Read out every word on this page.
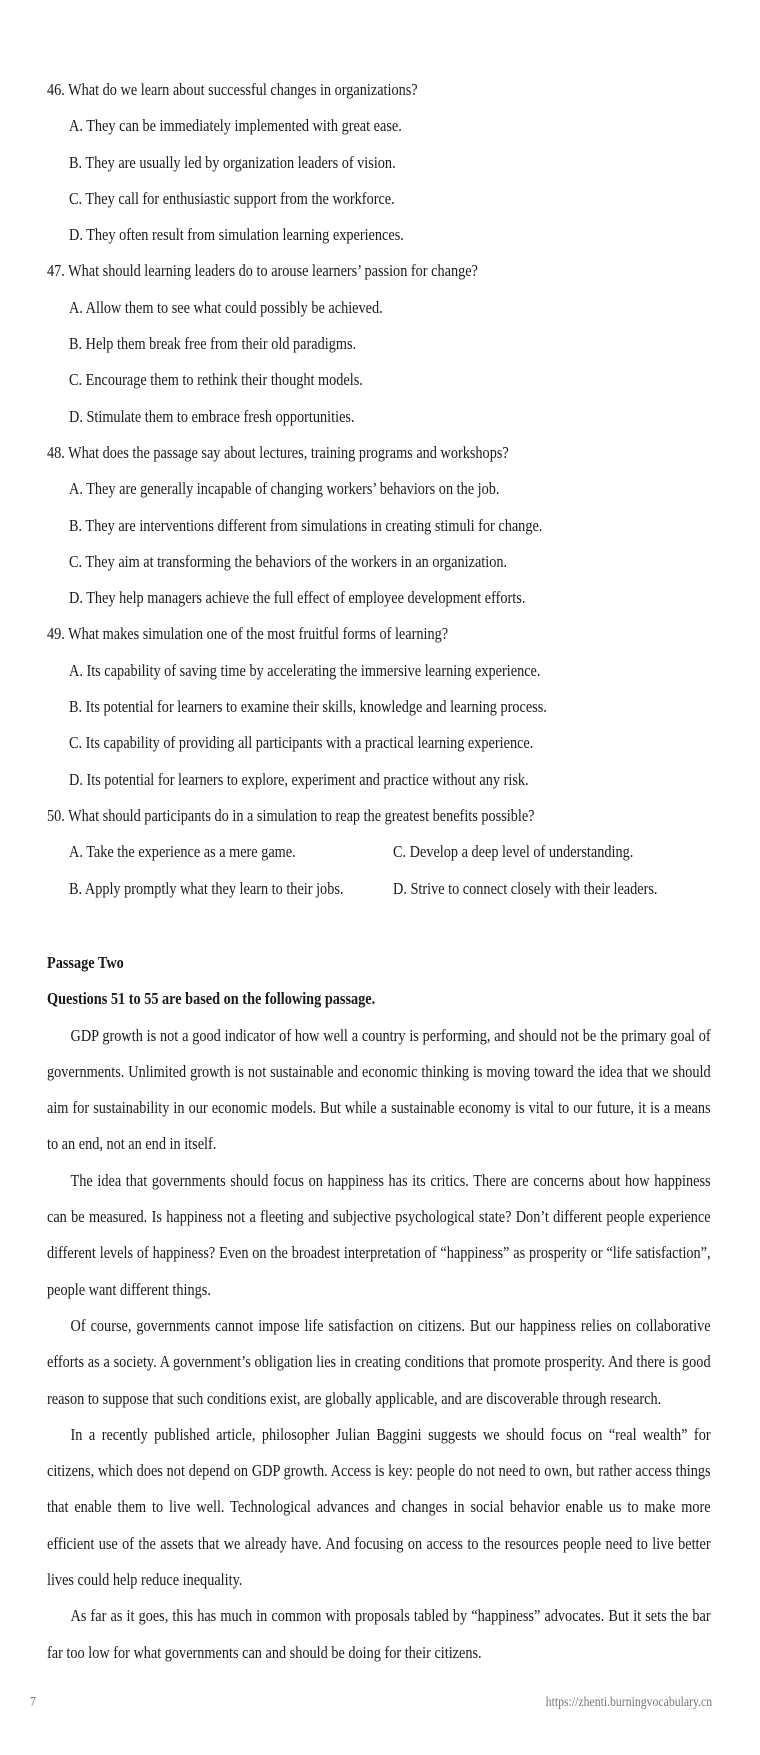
46. What do we learn about successful changes in organizations?
A. They can be immediately implemented with great ease.
B. They are usually led by organization leaders of vision.
C. They call for enthusiastic support from the workforce.
D. They often result from simulation learning experiences.
47. What should learning leaders do to arouse learners’ passion for change?
A. Allow them to see what could possibly be achieved.
B. Help them break free from their old paradigms.
C. Encourage them to rethink their thought models.
D. Stimulate them to embrace fresh opportunities.
48. What does the passage say about lectures, training programs and workshops?
A. They are generally incapable of changing workers’ behaviors on the job.
B. They are interventions different from simulations in creating stimuli for change.
C. They aim at transforming the behaviors of the workers in an organization.
D. They help managers achieve the full effect of employee development efforts.
49. What makes simulation one of the most fruitful forms of learning?
A. Its capability of saving time by accelerating the immersive learning experience.
B. Its potential for learners to examine their skills, knowledge and learning process.
C. Its capability of providing all participants with a practical learning experience.
D. Its potential for learners to explore, experiment and practice without any risk.
50. What should participants do in a simulation to reap the greatest benefits possible?
A. Take the experience as a mere game.	C. Develop a deep level of understanding.
B. Apply promptly what they learn to their jobs.	D. Strive to connect closely with their leaders.
Passage Two
Questions 51 to 55 are based on the following passage.

GDP growth is not a good indicator of how well a country is performing, and should not be the primary goal of governments. Unlimited growth is not sustainable and economic thinking is moving toward the idea that we should aim for sustainability in our economic models. But while a sustainable economy is vital to our future, it is a means to an end, not an end in itself.

The idea that governments should focus on happiness has its critics. There are concerns about how happiness can be measured. Is happiness not a fleeting and subjective psychological state? Don’t different people experience different levels of happiness? Even on the broadest interpretation of “happiness” as prosperity or “life satisfaction”, people want different things.

Of course, governments cannot impose life satisfaction on citizens. But our happiness relies on collaborative efforts as a society. A government’s obligation lies in creating conditions that promote prosperity. And there is good reason to suppose that such conditions exist, are globally applicable, and are discoverable through research.

In a recently published article, philosopher Julian Baggini suggests we should focus on “real wealth” for citizens, which does not depend on GDP growth. Access is key: people do not need to own, but rather access things that enable them to live well. Technological advances and changes in social behavior enable us to make more efficient use of the assets that we already have. And focusing on access to the resources people need to live better lives could help reduce inequality.

As far as it goes, this has much in common with proposals tabled by “happiness” advocates. But it sets the bar far too low for what governments can and should be doing for their citizens.

7	https://zhenti.burningvocabulary.cn
